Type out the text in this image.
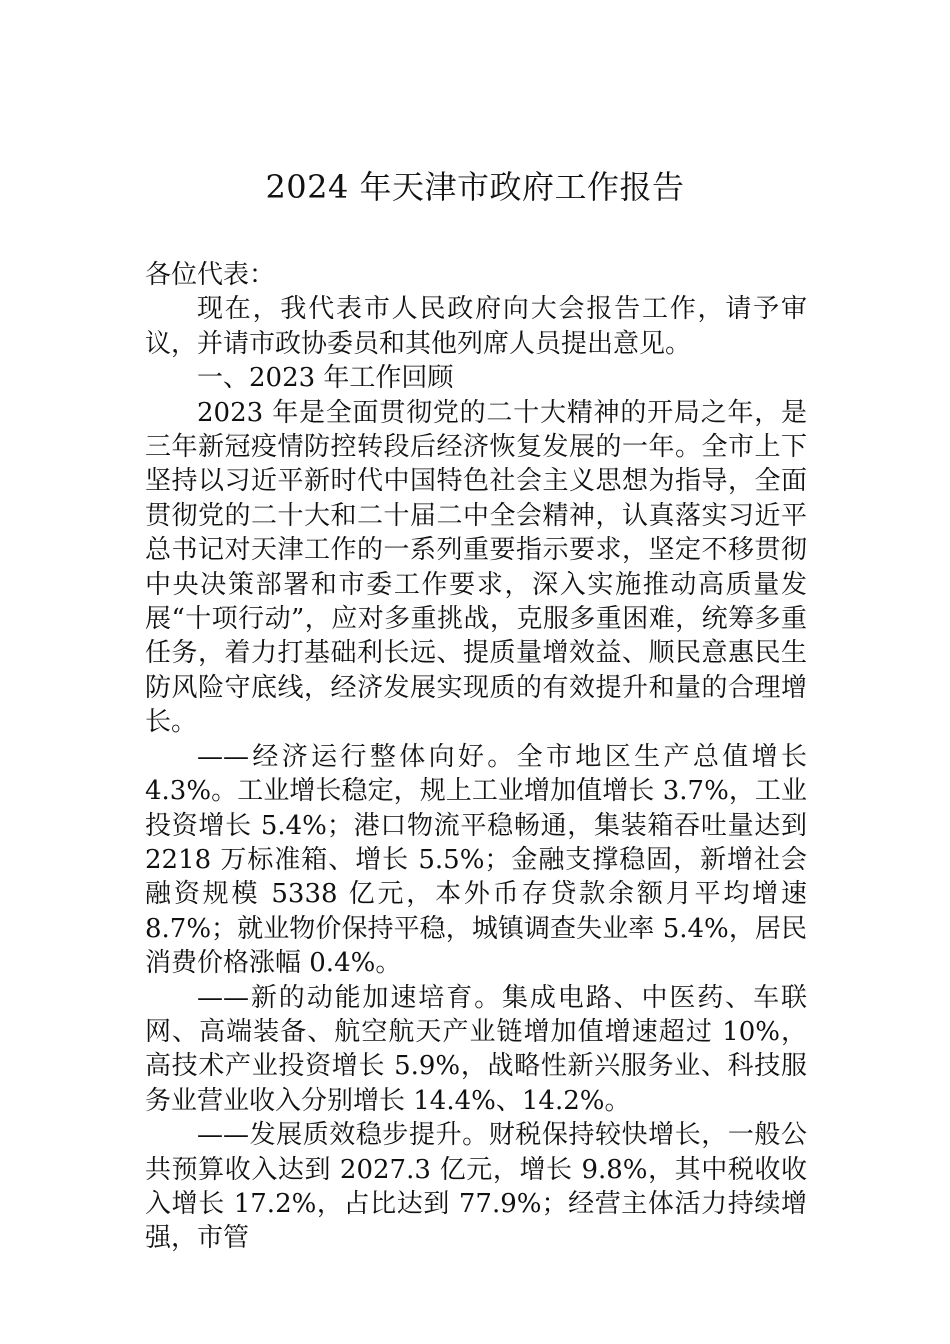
2024 年天津市政府工作报告

各位代表：

现在，我代表市人民政府向大会报告工作，请予审议，并请市政协委员和其他列席人员提出意见。

一、2023 年工作回顾

2023 年是全面贯彻党的二十大精神的开局之年，是三年新冠疫情防控转段后经济恢复发展的一年。全市上下坚持以习近平新时代中国特色社会主义思想为指导，全面贯彻党的二十大和二十届二中全会精神，认真落实习近平总书记对天津工作的一系列重要指示要求，坚定不移贯彻中央决策部署和市委工作要求，深入实施推动高质量发展“十项行动”，应对多重挑战，克服多重困难，统筹多重任务，着力打基础利长远、提质量增效益、顺民意惠民生防风险守底线，经济发展实现质的有效提升和量的合理增长。

——经济运行整体向好。全市地区生产总值增长 4.3%。工业增长稳定，规上工业增加值增长 3.7%，工业投资增长 5.4%；港口物流平稳畅通，集装箱吞吐量达到 2218 万标准箱、增长 5.5%；金融支撑稳固，新增社会融资规模 5338 亿元，本外币存贷款余额月平均增速 8.7%；就业物价保持平稳，城镇调查失业率 5.4%，居民消费价格涨幅 0.4%。

——新的动能加速培育。集成电路、中医药、车联网、高端装备、航空航天产业链增加值增速超过 10%，高技术产业投资增长 5.9%，战略性新兴服务业、科技服务业营业收入分别增长 14.4%、14.2%。

——发展质效稳步提升。财税保持较快增长，一般公共预算收入达到 2027.3 亿元，增长 9.8%，其中税收收入增长 17.2%，占比达到 77.9%；经营主体活力持续增强，市管
